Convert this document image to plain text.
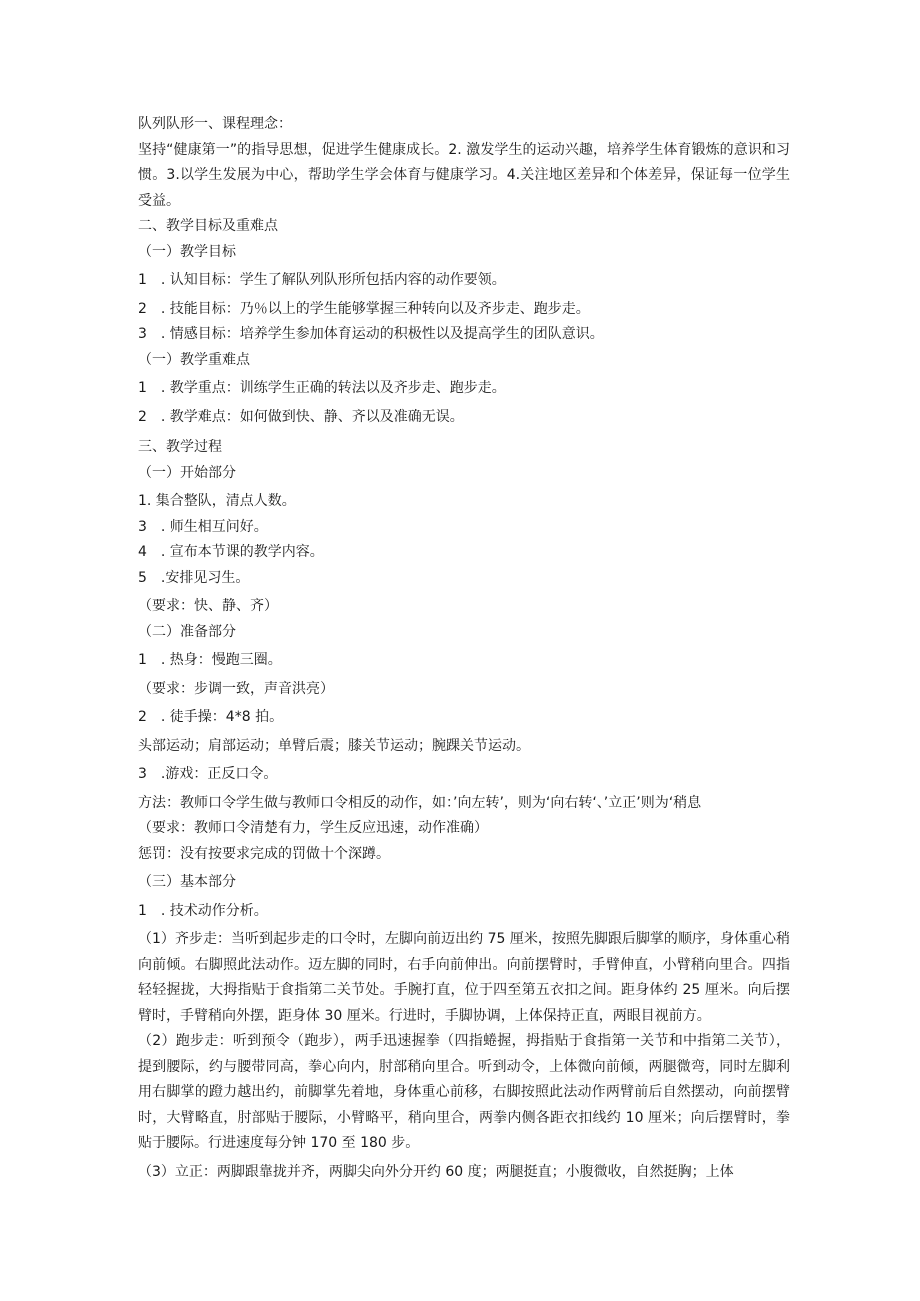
队列队形一、课程理念：

坚持“健康第一”的指导思想，促进学生健康成长。2. 激发学生的运动兴趣，培养学生体育锻炼的意识和习惯。3.以学生发展为中心，帮助学生学会体育与健康学习。4.关注地区差异和个体差异，保证每一位学生受益。

二、教学目标及重难点

（一）教学目标

1　. 认知目标：学生了解队列队形所包括内容的动作要领。

2　. 技能目标：乃％以上的学生能够掌握三种转向以及齐步走、跑步走。

3　. 情感目标：培养学生参加体育运动的积极性以及提高学生的团队意识。

（一）教学重难点

1　. 教学重点：训练学生正确的转法以及齐步走、跑步走。

2　. 教学难点：如何做到快、静、齐以及准确无误。

三、教学过程

（一）开始部分

1. 集合整队，清点人数。

3　. 师生相互问好。

4　. 宣布本节课的教学内容。

5　.安排见习生。

（要求：快、静、齐）

（二）准备部分

1　. 热身：慢跑三圈。

（要求：步调一致，声音洪亮）

2　. 徒手操：4*8 拍。

头部运动；肩部运动；单臂后震；膝关节运动；腕踝关节运动。

3　.游戏：正反口令。

方法：教师口令学生做与教师口令相反的动作，如：’向左转’，则为‘向右转‘、’立正’则为‘稍息

（要求：教师口令清楚有力，学生反应迅速，动作准确）

惩罚：没有按要求完成的罚做十个深蹲。

（三）基本部分

1　. 技术动作分析。

（1）齐步走：当听到起步走的口令时，左脚向前迈出约 75 厘米，按照先脚跟后脚掌的顺序，身体重心稍向前倾。右脚照此法动作。迈左脚的同时，右手向前伸出。向前摆臂时，手臂伸直，小臂稍向里合。四指轻轻握拢，大拇指贴于食指第二关节处。手腕打直，位于四至第五衣扣之间。距身体约 25 厘米。向后摆臂时，手臂稍向外摆，距身体 30 厘米。行进时，手脚协调，上体保持正直，两眼目视前方。

（2）跑步走：听到预令（跑步），两手迅速握拳（四指蜷握，拇指贴于食指第一关节和中指第二关节），提到腰际，约与腰带同高，拳心向内，肘部稍向里合。听到动令，上体微向前倾，两腿微弯，同时左脚利用右脚掌的蹬力越出约，前脚掌先着地，身体重心前移，右脚按照此法动作两臂前后自然摆动，向前摆臂时，大臂略直，肘部贴于腰际，小臂略平，稍向里合，两拳内侧各距衣扣线约 10 厘米；向后摆臂时，拳贴于腰际。行进速度每分钟 170 至 180 步。

（3）立正：两脚跟靠拢并齐，两脚尖向外分开约 60 度；两腿挺直；小腹微收，自然挺胸；上体
